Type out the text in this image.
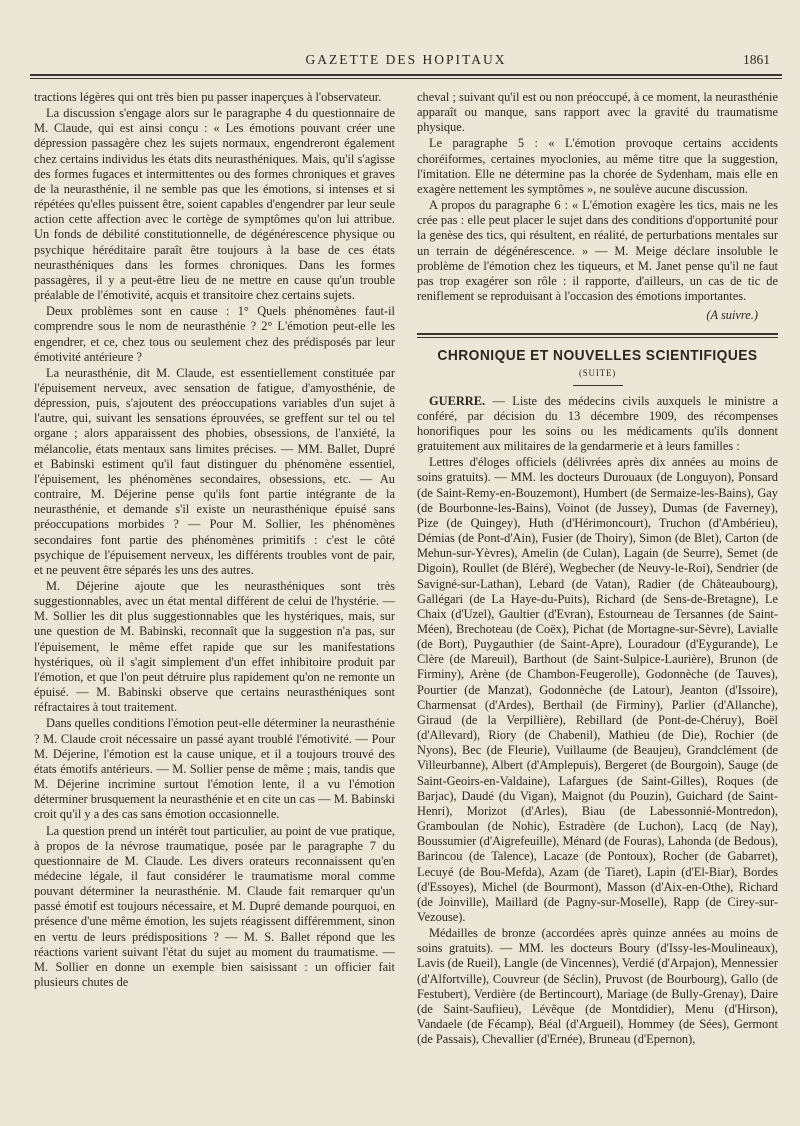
GAZETTE DES HOPITAUX	1861

tractions légères qui ont très bien pu passer inaperçues à l'observateur.

La discussion s'engage alors sur le paragraphe 4 du questionnaire de M. Claude, qui est ainsi conçu : « Les émotions pouvant créer une dépression passagère chez les sujets normaux, engendreront également chez certains individus les états dits neurasthéniques. Mais, qu'il s'agisse des formes fugaces et intermittentes ou des formes chroniques et graves de la neurasthénie, il ne semble pas que les émotions, si intenses et si répétées qu'elles puissent être, soient capables d'engendrer par leur seule action cette affection avec le cortège de symptômes qu'on lui attribue. Un fonds de débilité constitutionnelle, de dégénérescence physique ou psychique héréditaire paraît être toujours à la base de ces états neurasthéniques dans les formes chroniques. Dans les formes passagères, il y a peut-être lieu de ne mettre en cause qu'un trouble préalable de l'émotivité, acquis et transitoire chez certains sujets.

Deux problèmes sont en cause : 1° Quels phénomènes faut-il comprendre sous le nom de neurasthénie ? 2° L'émotion peut-elle les engendrer, et ce, chez tous ou seulement chez des prédisposés par leur émotivité antérieure ?

La neurasthénie, dit M. Claude, est essentiellement constituée par l'épuisement nerveux, avec sensation de fatigue, d'amyosthénie, de dépression, puis, s'ajoutent des préoccupations variables d'un sujet à l'autre, qui, suivant les sensations éprouvées, se greffent sur tel ou tel organe ; alors apparaissent des phobies, obsessions, de l'anxiété, la mélancolie, états mentaux sans limites précises. — MM. Ballet, Dupré et Babinski estiment qu'il faut distinguer du phénomène essentiel, l'épuisement, les phénomènes secondaires, obsessions, etc. — Au contraire, M. Déjerine pense qu'ils font partie intégrante de la neurasthénie, et demande s'il existe un neurasthénique épuisé sans préoccupations morbides ? — Pour M. Sollier, les phénomènes secondaires font partie des phénomènes primitifs : c'est le côté psychique de l'épuisement nerveux, les différents troubles vont de pair, et ne peuvent être séparés les uns des autres.

M. Déjerine ajoute que les neurasthéniques sont très suggestionnables, avec un état mental différent de celui de l'hystérie. — M. Sollier les dit plus suggestionnables que les hystériques, mais, sur une question de M. Babinski, reconnaît que la suggestion n'a pas, sur l'épuisement, le même effet rapide que sur les manifestations hystériques, où il s'agit simplement d'un effet inhibitoire produit par l'émotion, et que l'on peut détruire plus rapidement qu'on ne remonte un épuisé. — M. Babinski observe que certains neurasthéniques sont réfractaires à tout traitement.

Dans quelles conditions l'émotion peut-elle déterminer la neurasthénie ? M. Claude croit nécessaire un passé ayant troublé l'émotivité. — Pour M. Déjerine, l'émotion est la cause unique, et il a toujours trouvé des états émotifs antérieurs. — M. Sollier pense de même ; mais, tandis que M. Déjerine incrimine surtout l'émotion lente, il a vu l'émotion déterminer brusquement la neurasthénie et en cite un cas — M. Babinski croit qu'il y a des cas sans émotion occasionnelle.

La question prend un intérêt tout particulier, au point de vue pratique, à propos de la névrose traumatique, posée par le paragraphe 7 du questionnaire de M. Claude. Les divers orateurs reconnaissent qu'en médecine légale, il faut considérer le traumatisme moral comme pouvant déterminer la neurasthénie. M. Claude fait remarquer qu'un passé émotif est toujours nécessaire, et M. Dupré demande pourquoi, en présence d'une même émotion, les sujets réagissent différemment, sinon en vertu de leurs prédispositions ? — M. S. Ballet répond que les réactions varient suivant l'état du sujet au moment du traumatisme. — M. Sollier en donne un exemple bien saisissant : un officier fait plusieurs chutes de

cheval ; suivant qu'il est ou non préoccupé, à ce moment, la neurasthénie apparaît ou manque, sans rapport avec la gravité du traumatisme physique.

Le paragraphe 5 : « L'émotion provoque certains accidents choréiformes, certaines myoclonies, au même titre que la suggestion, l'imitation. Elle ne détermine pas la chorée de Sydenham, mais elle en exagère nettement les symptômes », ne soulève aucune discussion.

A propos du paragraphe 6 : « L'émotion exagère les tics, mais ne les crée pas : elle peut placer le sujet dans des conditions d'opportunité pour la genèse des tics, qui résultent, en réalité, de perturbations mentales sur un terrain de dégénérescence. » — M. Meige déclare insoluble le problème de l'émotion chez les tiqueurs, et M. Janet pense qu'il ne faut pas trop exagérer son rôle : il rapporte, d'ailleurs, un cas de tic de reniflement se reproduisant à l'occasion des émotions importantes.

(A suivre.)
CHRONIQUE ET NOUVELLES SCIENTIFIQUES
(SUITE)

GUERRE. — Liste des médecins civils auxquels le ministre a conféré, par décision du 13 décembre 1909, des récompenses honorifiques pour les soins ou les médicaments qu'ils donnent gratuitement aux militaires de la gendarmerie et à leurs familles :

Lettres d'éloges officiels (délivrées après dix années au moins de soins gratuits). — MM. les docteurs Durouaux (de Longuyon), Ponsard (de Saint-Remy-en-Bouzemont), Humbert (de Sermaize-les-Bains), Gay (de Bourbonne-les-Bains), Voinot (de Jussey), Dumas (de Faverney), Pize (de Quingey), Huth (d'Hérimoncourt), Truchon (d'Ambérieu), Démias (de Pont-d'Ain), Fusier (de Thoiry), Simon (de Blet), Carton (de Mehun-sur-Yèvres), Amelin (de Culan), Lagain (de Seurre), Semet (de Digoin), Roullet (de Bléré), Wegbecher (de Neuvy-le-Roi), Sendrier (de Savigné-sur-Lathan), Lebard (de Vatan), Radier (de Châteaubourg), Gallégari (de La Haye-du-Puits), Richard (de Sens-de-Bretagne), Le Chaix (d'Uzel), Gaultier (d'Evran), Estourneau de Tersannes (de Saint-Méen), Brechoteau (de Coëx), Pichat (de Mortagne-sur-Sèvre), Lavialle (de Bort), Puygauthier (de Saint-Apre), Louradour (d'Eygurande), Le Clère (de Mareuil), Barthout (de Saint-Sulpice-Laurière), Brunon (de Firminy), Arène (de Chambon-Feugerolle), Godonnèche (de Tauves), Pourtier (de Manzat), Godonnèche (de Latour), Jeanton (d'Issoire), Charmensat (d'Ardes), Berthail (de Firminy), Parlier (d'Allanche), Giraud (de la Verpillière), Rebillard (de Pont-de-Chéruy), Boël (d'Allevard), Riory (de Chabenil), Mathieu (de Die), Rochier (de Nyons), Bec (de Fleurie), Vuillaume (de Beaujeu), Grandclément (de Villeurbanne), Albert (d'Amplepuis), Bergeret (de Bourgoin), Sauge (de Saint-Geoirs-en-Valdaine), Lafargues (de Saint-Gilles), Roques (de Barjac), Daudé (du Vigan), Maignot (du Pouzin), Guichard (de Saint-Henri), Morizot (d'Arles), Biau (de Labessonnié-Montredon), Gramboulan (de Nohic), Estradère (de Luchon), Lacq (de Nay), Boussumier (d'Aigrefeuille), Ménard (de Fouras), Lahonda (de Bedous), Barincou (de Talence), Lacaze (de Pontoux), Rocher (de Gabarret), Lecuyé (de Bou-Mefda), Azam (de Tiaret), Lapin (d'El-Biar), Bordes (d'Essoyes), Michel (de Bourmont), Masson (d'Aix-en-Othe), Richard (de Joinville), Maillard (de Pagny-sur-Moselle), Rapp (de Cirey-sur-Vezouse).

Médailles de bronze (accordées après quinze années au moins de soins gratuits). — MM. les docteurs Boury (d'Issy-les-Moulineaux), Lavis (de Rueil), Langle (de Vincennes), Verdié (d'Arpajon), Mennessier (d'Alfortville), Couvreur (de Séclin), Pruvost (de Bourbourg), Gallo (de Festubert), Verdière (de Bertincourt), Mariage (de Bully-Grenay), Daire (de Saint-Saufiieu), Lévêque (de Montdidier), Menu (d'Hirson), Vandaele (de Fécamp), Béal (d'Argueil), Hommey (de Sées), Germont (de Passais), Chevallier (d'Ernée), Bruneau (d'Epernon),
